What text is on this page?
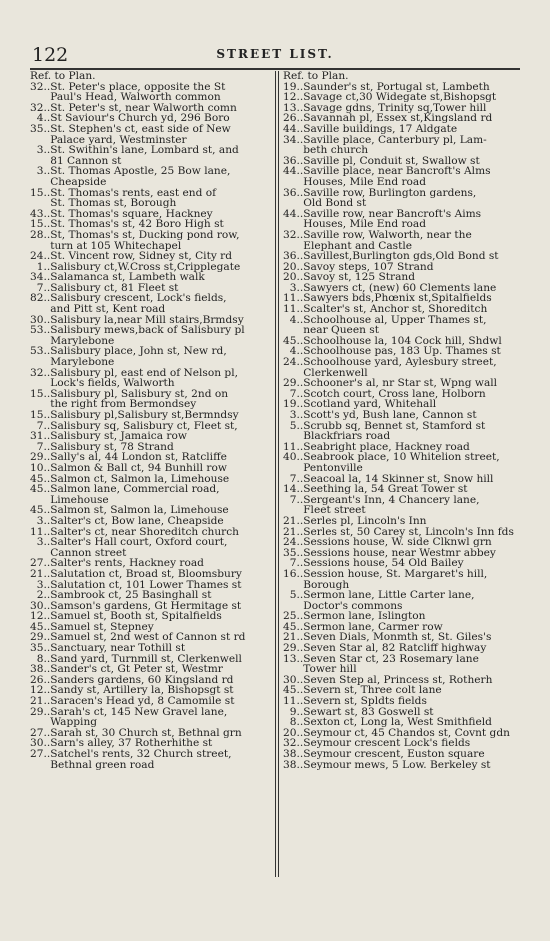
122	STREET LIST.
Ref. to Plan.
32..St. Peter's place, opposite the St
Paul's Head, Walworth common
32..St. Peter's st, near Walworth comn
4..St Saviour's Church yd, 296 Boro
35..St. Stephen's ct, east side of New
Palace yard, Westminster
3..St. Swithin's lane, Lombard st, and
81 Cannon st
3..St. Thomas Apostle, 25 Bow lane,
Cheapside
15..St. Thomas's rents, east end of
St. Thomas st, Borough
43..St. Thomas's square, Hackney
15..St. Thomas's st, 42 Boro High st
28..St, Thomas's st, Ducking pond row,
turn at 105 Whitechapel
24..St. Vincent row, Sidney st, City rd
1..Salisbury ct,W.Cross st,Cripplegate
34..Salamanca st, Lambeth walk
7..Salisbury ct, 81 Fleet st
82..Salisbury crescent, Lock's fields,
and Pitt st, Kent road
30..Salisbury la,near Mill stairs,Brmdsy
53..Salisbury mews,back of Salisbury pl
Marylebone
53..Salisbury place, John st, New rd,
Marylebone
32..Salisbury pl, east end of Nelson pl,
Lock's fields, Walworth
15..Salisbury pl, Salisbury st, 2nd on
the right from Bermondsey
15..Salisbury pl,Salisbury st,Bermndsy
7..Salisbury sq, Salisbury ct, Fleet st,
31..Salisbury st, Jamaica row
7..Salisbury st, 78 Strand
29..Sally's al, 44 London st, Ratcliffe
10..Salmon & Ball ct, 94 Bunhill row
45..Salmon ct, Salmon la, Limehouse
45..Salmon lane, Commercial road,
Limehouse
45..Salmon st, Salmon la, Limehouse
3..Salter's ct, Bow lane, Cheapside
11..Salter's ct, near Shoreditch church
3..Salter's Hall court, Oxford court,
Cannon street
27..Salter's rents, Hackney road
21..Salutation ct, Broad st, Bloomsbury
3..Salutation ct, 101 Lower Thames st
2..Sambrook ct, 25 Basinghall st
30..Samson's gardens, Gt Hermitage st
12..Samuel st, Booth st, Spitalfields
45..Samuel st, Stepney
29..Samuel st, 2nd west of Cannon st rd
35..Sanctuary, near Tothill st
8..Sand yard, Turnmill st, Clerkenwell
38..Sander's ct, Gt Peter st, Westmr
26..Sanders gardens, 60 Kingsland rd
12..Sandy st, Artillery la, Bishopsgt st
21..Saracen's Head yd, 8 Camomile st
29..Sarah's ct, 145 New Gravel lane,
Wapping
27..Sarah st, 30 Church st, Bethnal grn
30..Sarn's alley, 37 Rotherhithe st
27..Satchel's rents, 32 Church street,
Bethnal green road
Ref. to Plan.
19..Saunder's st, Portugal st, Lambeth
12..Savage ct,30 Widegate st,Bishopsgt
13..Savage gdns, Trinity sq,Tower hill
26..Savannah pl, Essex st,Kingsland rd
44..Saville buildings, 17 Aldgate
34..Saville place, Canterbury pl, Lam-
beth church
36..Saville pl, Conduit st, Swallow st
44..Saville place, near Bancroft's Alms
Houses, Mile End road
36..Saville row, Burlington gardens,
Old Bond st
44..Saville row, near Bancroft's Aims
Houses, Mile End road
32..Saville row, Walworth, near the
Elephant and Castle
36..Savillest,Burlington gds,Old Bond st
20..Savoy steps, 107 Strand
20..Savoy st, 125 Strand
3..Sawyers ct, (new) 60 Clements lane
11..Sawyers bds,Phœnix st,Spitalfields
11..Scalter's st, Anchor st, Shoreditch
4..Schoolhouse al, Upper Thames st,
near Queen st
45..Schoolhouse la, 104 Cock hill, Shdwl
4..Schoolhouse pas, 183 Up. Thames st
24..Schoolhouse yard, Aylesbury street,
Clerkenwell
29..Schooner's al, nr Star st, Wpng wall
7..Scotch court, Cross lane, Holborn
19..Scotland yard, Whitehall
3..Scott's yd, Bush lane, Cannon st
5..Scrubb sq, Bennet st, Stamford st
Blackfriars road
11..Seabright place, Hackney road
40..Seabrook place, 10 Whitelion street,
Pentonville
7..Seacoal la, 14 Skinner st, Snow hill
14..Seething la, 54 Great Tower st
7..Sergeant's Inn, 4 Chancery lane,
Fleet street
21..Serles pl, Lincoln's Inn
21..Serles st, 50 Carey st, Lincoln's Inn fds
24..Sessions house, W. side Clknwl grn
35..Sessions house, near Westmr abbey
7..Sessions house, 54 Old Bailey
16..Session house, St. Margaret's hill,
Borough
5..Sermon lane, Little Carter lane,
Doctor's commons
25..Sermon lane, Islington
45..Sermon lane, Carmer row
21..Seven Dials, Monmth st, St. Giles's
29..Seven Star al, 82 Ratcliff highway
13..Seven Star ct, 23 Rosemary lane
Tower hill
30..Seven Step al, Princess st, Rotherh
45..Severn st, Three colt lane
11..Severn st, Spldts fields
9..Sewart st, 83 Goswell st
8..Sexton ct, Long la, West Smithfield
20..Seymour ct, 45 Chandos st, Covnt gdn
32..Seymour crescent Lock's fields
38..Seymour crescent, Euston square
38..Seymour mews, 5 Low. Berkeley st
